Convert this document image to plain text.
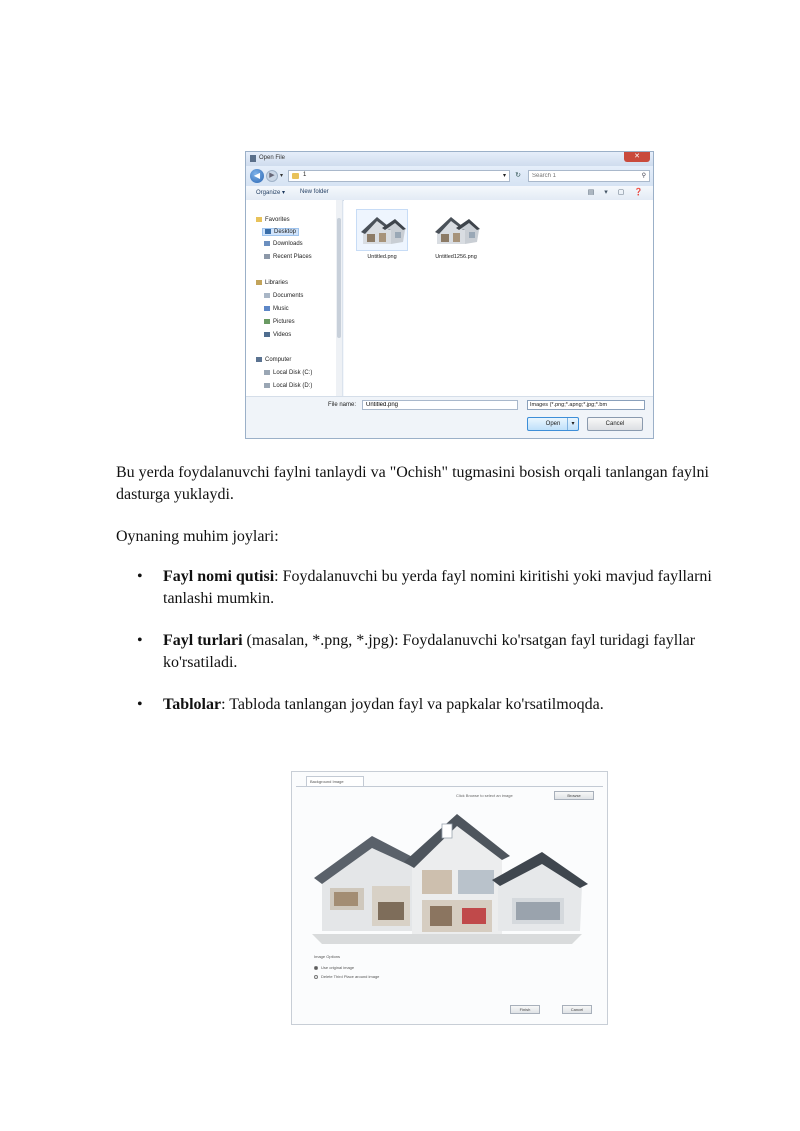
Open File	✕
◀	▶ ▾	1	▾	↻
Search 1	⚲
Organize ▾ New folder	▤ ▾ ▢ ❓
Favorites
Desktop
Downloads
Recent Places
Libraries
Documents
Music
Pictures
Videos
Computer
Local Disk (C:)
Local Disk (D:)
Untitled.png	Untitled1256.png
File name:
Untitled.png	Images (*.png;*.apng;*.jpg;*.bm
Open	▾	Cancel

Bu yerda foydalanuvchi faylni tanlaydi va "Ochish" tugmasini bosish orqali tanlangan faylni dasturga yuklaydi.

Oynaning muhim joylari:

• Fayl nomi qutisi: Foydalanuvchi bu yerda fayl nomini kiritishi yoki mavjud fayllarni tanlashi mumkin.

• Fayl turlari (masalan, *.png, *.jpg): Foydalanuvchi ko'rsatgan fayl turidagi fayllar ko'rsatiladi.

• Tablolar: Tabloda tanlangan joydan fayl va papkalar ko'rsatilmoqda.

Background Image
Click Browse to select an image	Browse
Image Options
Use original image
Delete Third Place around image
Finish	Cancel
